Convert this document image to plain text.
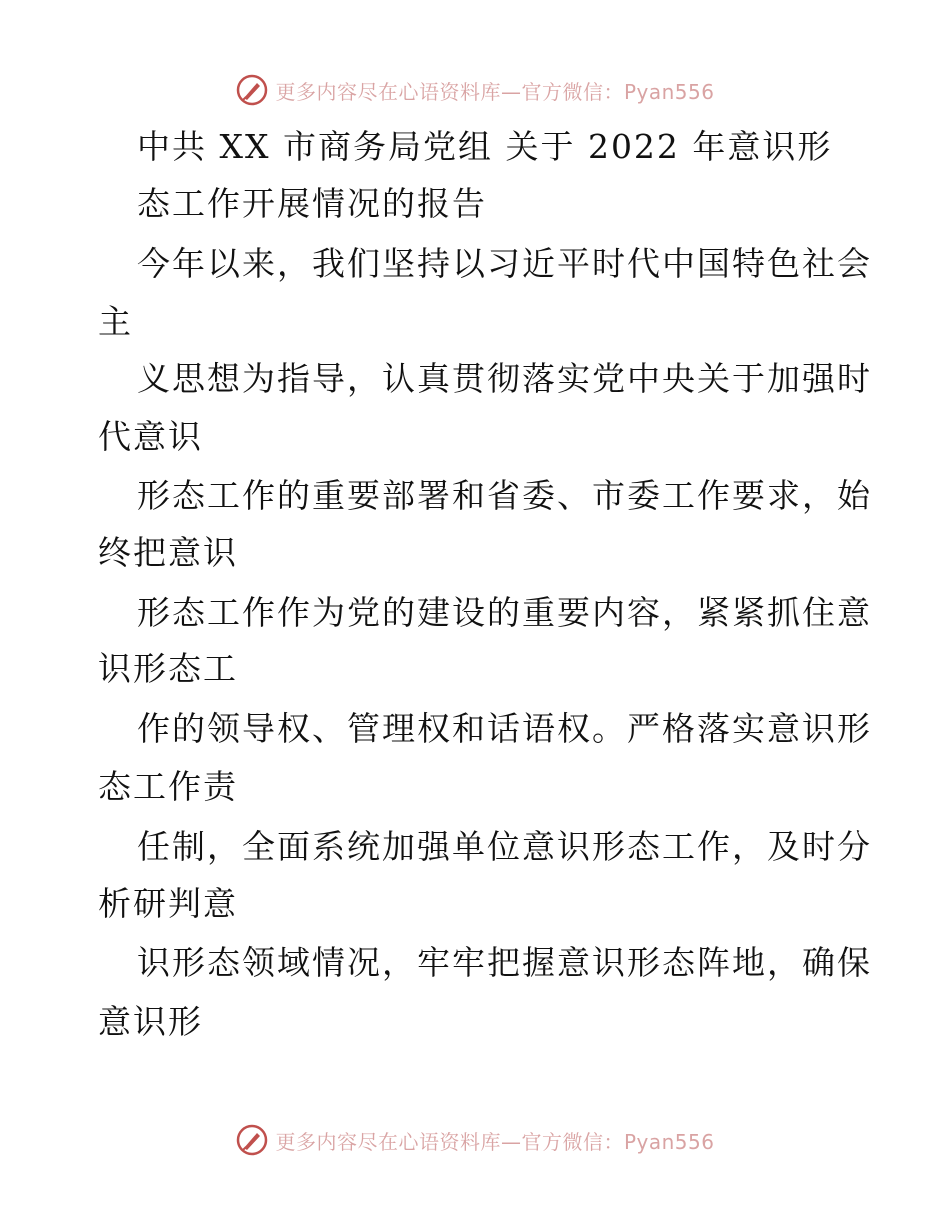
更多内容尽在心语资料库—官方微信：Pyan556
中共 XX 市商务局党组 关于 2022 年意识形
态工作开展情况的报告
今年以来，我们坚持以习近平时代中国特色社会
主
义思想为指导，认真贯彻落实党中央关于加强时
代意识
形态工作的重要部署和省委、市委工作要求，始
终把意识
形态工作作为党的建设的重要内容，紧紧抓住意
识形态工
作的领导权、管理权和话语权。严格落实意识形
态工作责
任制，全面系统加强单位意识形态工作，及时分
析研判意
识形态领域情况，牢牢把握意识形态阵地，确保
意识形
更多内容尽在心语资料库—官方微信：Pyan556
